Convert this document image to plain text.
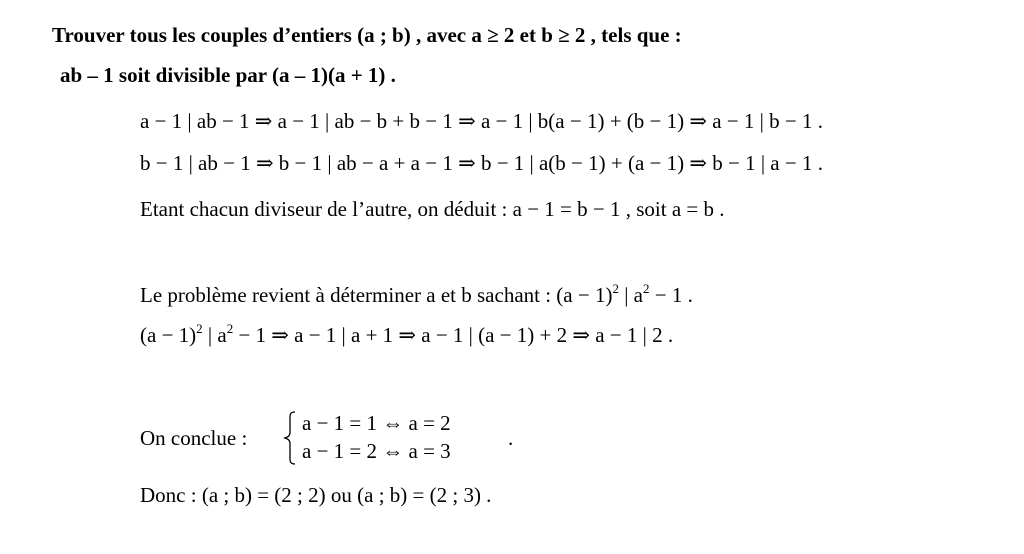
Trouver tous les couples d’entiers (a ; b) , avec a ≥ 2 et b ≥ 2 , tels que :
ab – 1 soit divisible par (a – 1)(a + 1) .
a − 1 | ab − 1 ⇒ a − 1 | ab − b + b − 1 ⇒ a − 1 | b(a − 1) + (b − 1) ⇒ a − 1 | b − 1 .
b − 1 | ab − 1 ⇒ b − 1 | ab − a + a − 1 ⇒ b − 1 | a(b − 1) + (a − 1) ⇒ b − 1 | a − 1 .
Etant chacun diviseur de l’autre, on déduit : a − 1 = b − 1 , soit a = b .
Le problème revient à déterminer a et b sachant : $(a - 1)^2$ | $a^2 - 1$ .
$(a - 1)^2$ | $a^2 - 1$ ⇒ a − 1 | a + 1 ⇒ a − 1 | (a − 1) + 2 ⇒ a − 1 | 2 .
On conclue :
a − 1 = 1 ⇔ a = 2
a − 1 = 2 ⇔ a = 3
.
Donc : (a ; b) = (2 ; 2) ou (a ; b) = (2 ; 3) .
